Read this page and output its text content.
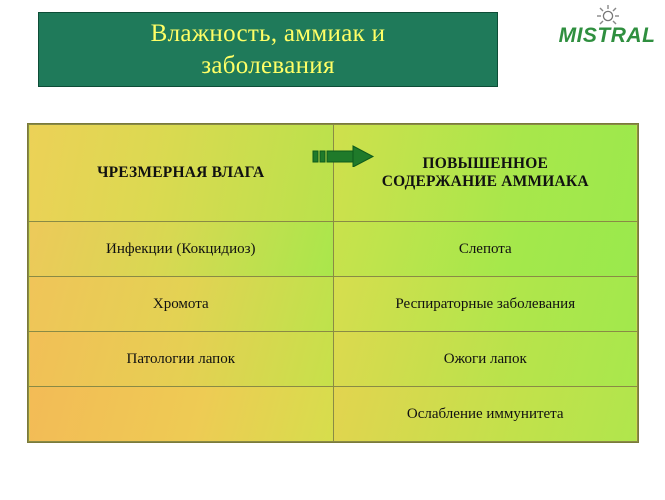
Влажность, аммиак и
заболевания
MISTRAL
ЧРЕЗМЕРНАЯ ВЛАГА	ПОВЫШЕННОЕ
СОДЕРЖАНИЕ АММИАКА

Инфекции (Кокцидиоз)	Слепота
Хромота	Респираторные заболевания
Патологии лапок	Ожоги лапок
	Ослабление иммунитета
